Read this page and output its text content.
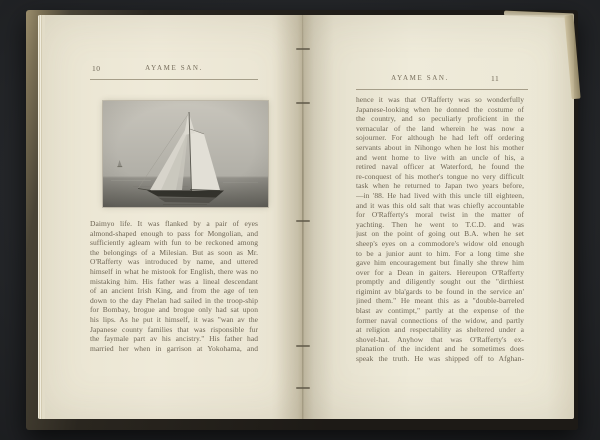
10	AYAME SAN.
Daimyo life. It was flanked by a pair of eyes
almond-shaped enough to pass for Mongolian, and
sufficiently agleam with fun to be reckoned among
the belongings of a Milesian. But as soon as Mr.
O'Rafferty was introduced by name, and uttered
himself in what he mistook for English, there was no
mistaking him. His father was a lineal descendant
of an ancient Irish King, and from the age of ten
down to the day Phelan had sailed in the troop-ship
for Bombay, brogue and brogue only had sat upon
his lips. As he put it himself, it was "wan av the
Japanese county families that was risponsible fur
the faymale part av his ancistry." His father had
married her when in garrison at Yokohama, and
AYAME SAN.	11
hence it was that O'Rafferty was so wonderfully
Japanese-looking when he donned the costume of
the country, and so peculiarly proficient in the
vernacular of the land wherein he was now a
sojourner. For although he had left off ordering
servants about in Nihongo when he lost his mother
and went home to live with an uncle of his, a
retired naval officer at Waterford, he found the
re-conquest of his mother's tongue no very difficult
task when he returned to Japan two years before,
—in '88. He had lived with this uncle till eighteen,
and it was this old salt that was chiefly accountable
for O'Rafferty's moral twist in the matter of
yachting. Then he went to T.C.D. and was
just on the point of going out B.A. when he set
sheep's eyes on a commodore's widow old enough
to be a junior aunt to him. For a long time she
gave him encouragement but finally she threw him
over for a Dean in gaiters. Hereupon O'Rafferty
promptly and diligently sought out the "dirthiest
rigimint av bla'gards to be found in the service an'
jined them." He meant this as a "double-barreled
blast av contimpt," partly at the expense of the
former naval connections of the widow, and partly
at religion and respectability as sheltered under a
shovel-hat. Anyhow that was O'Rafferty's ex-
planation of the incident and he sometimes does
speak the truth. He was shipped off to Afghan-
